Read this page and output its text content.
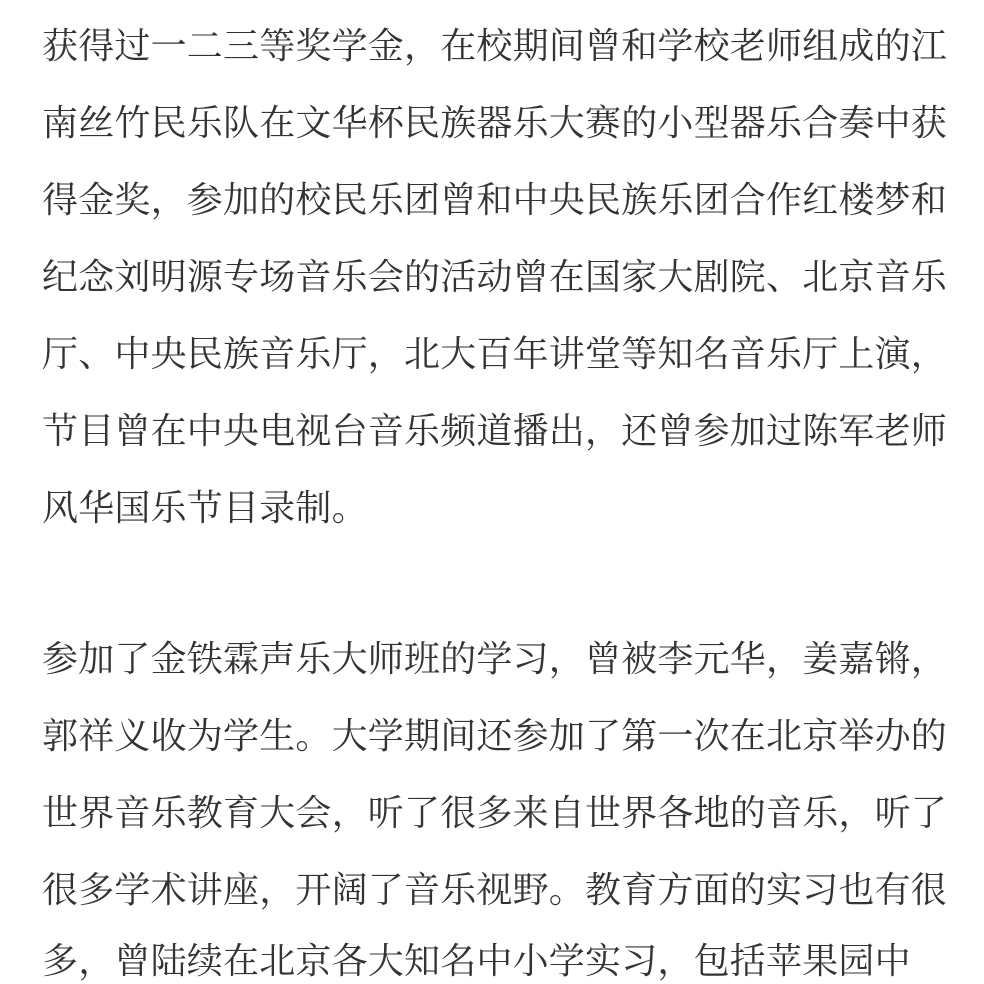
获得过一二三等奖学金，在校期间曾和学校老师组成的江

南丝竹民乐队在文华杯民族器乐大赛的小型器乐合奏中获

得金奖，参加的校民乐团曾和中央民族乐团合作红楼梦和

纪念刘明源专场音乐会的活动曾在国家大剧院、北京音乐

厅、中央民族音乐厅，北大百年讲堂等知名音乐厅上演，

节目曾在中央电视台音乐频道播出，还曾参加过陈军老师

风华国乐节目录制。

参加了金铁霖声乐大师班的学习，曾被李元华，姜嘉锵，

郭祥义收为学生。大学期间还参加了第一次在北京举办的

世界音乐教育大会，听了很多来自世界各地的音乐，听了

很多学术讲座，开阔了音乐视野。教育方面的实习也有很

多，曾陆续在北京各大知名中小学实习，包括苹果园中
